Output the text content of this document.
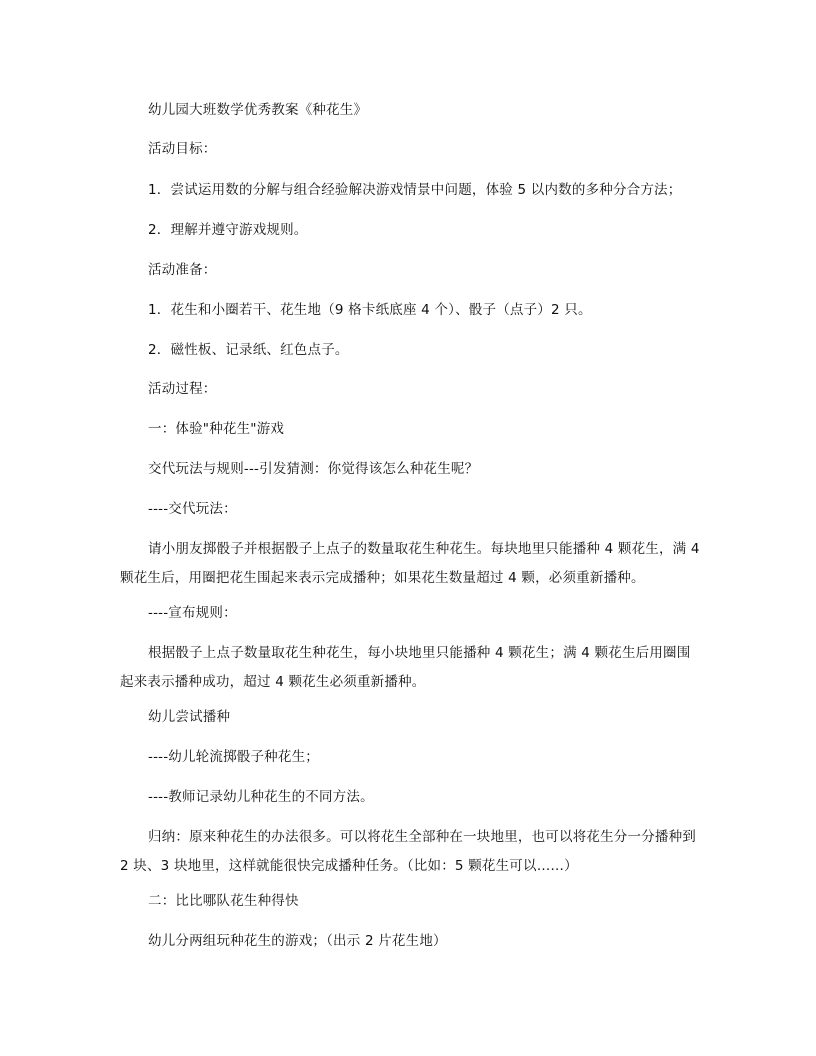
幼儿园大班数学优秀教案《种花生》
活动目标：
1．尝试运用数的分解与组合经验解决游戏情景中问题，体验 5 以内数的多种分合方法；
2．理解并遵守游戏规则。
活动准备：
1．花生和小圈若干、花生地（9 格卡纸底座 4 个）、骰子（点子）2 只。
2．磁性板、记录纸、红色点子。
活动过程：
一：体验"种花生"游戏
交代玩法与规则---引发猜测：你觉得该怎么种花生呢？
----交代玩法：
请小朋友掷骰子并根据骰子上点子的数量取花生种花生。每块地里只能播种 4 颗花生，满 4 颗花生后，用圈把花生围起来表示完成播种；如果花生数量超过 4 颗，必须重新播种。
----宣布规则：
根据骰子上点子数量取花生种花生，每小块地里只能播种 4 颗花生；满 4 颗花生后用圈围起来表示播种成功，超过 4 颗花生必须重新播种。
幼儿尝试播种
----幼儿轮流掷骰子种花生；
----教师记录幼儿种花生的不同方法。
归纳：原来种花生的办法很多。可以将花生全部种在一块地里，也可以将花生分一分播种到 2 块、3 块地里，这样就能很快完成播种任务。（比如：5 颗花生可以……）
二：比比哪队花生种得快
幼儿分两组玩种花生的游戏；（出示 2 片花生地）
